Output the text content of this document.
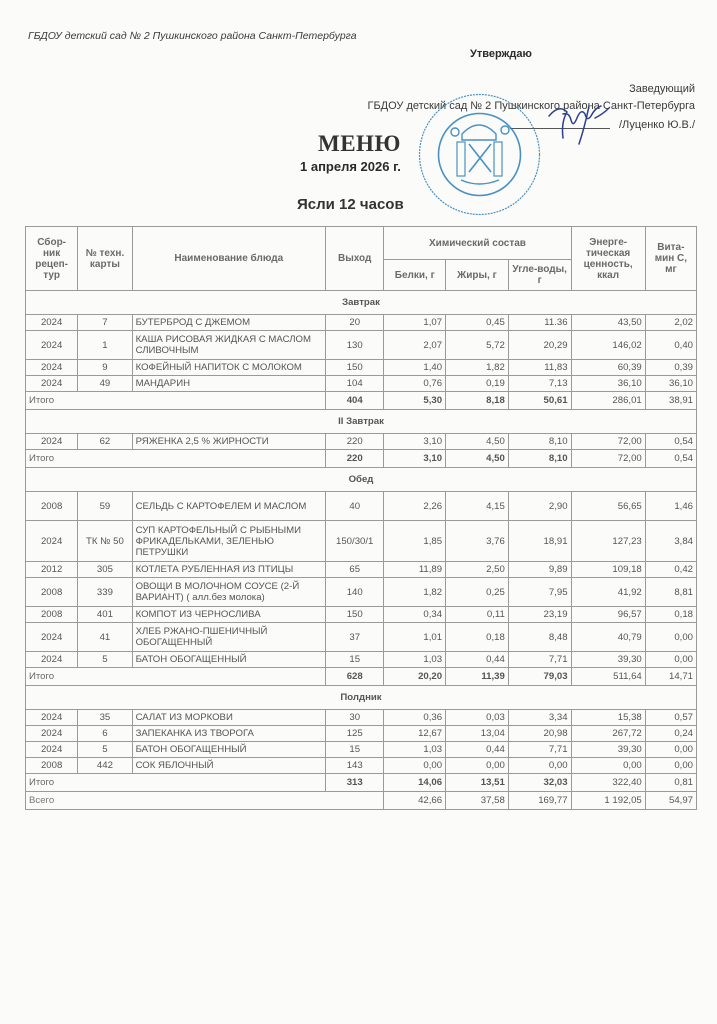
ГБДОУ детский сад № 2 Пушкинского района Санкт-Петербурга
Утверждаю
Заведующий
ГБДОУ детский сад № 2 Пушкинского района Санкт-Петербурга
/Луценко Ю.В./
МЕНЮ
1 апреля 2026 г.
Ясли 12 часов
Сбор-ник рецеп-тур	№ техн. карты	Наименование блюда	Выход	Химический состав			Энерге-тическая ценность, ккал	Вита-мин С, мг
				Белки, г	Жиры, г	Угле-воды, г		
Завтрак								
2024	7	БУТЕРБРОД С ДЖЕМОМ	20	1,07	0,45	11.36	43,50	2,02
2024	1	КАША РИСОВАЯ ЖИДКАЯ С МАСЛОМ СЛИВОЧНЫМ	130	2,07	5,72	20,29	146,02	0,40
2024	9	КОФЕЙНЫЙ НАПИТОК С МОЛОКОМ	150	1,40	1,82	11,83	60,39	0,39
2024	49	МАНДАРИН	104	0,76	0,19	7,13	36,10	36,10
Итого			404	5,30	8,18	50,61	286,01	38,91
II Завтрак								
2024	62	РЯЖЕНКА 2,5 % ЖИРНОСТИ	220	3,10	4,50	8,10	72,00	0,54
Итого			220	3,10	4,50	8,10	72,00	0,54
Обед								
2008	59	СЕЛЬДЬ С КАРТОФЕЛЕМ И МАСЛОМ	40	2,26	4,15	2,90	56,65	1,46
2024	ТК № 50	СУП КАРТОФЕЛЬНЫЙ С РЫБНЫМИ ФРИКАДЕЛЬКАМИ, ЗЕЛЕНЬЮ ПЕТРУШКИ	150/30/1	1,85	3,76	18,91	127,23	3,84
2012	305	КОТЛЕТА РУБЛЕННАЯ ИЗ ПТИЦЫ	65	11,89	2,50	9,89	109,18	0,42
2008	339	ОВОЩИ В МОЛОЧНОМ СОУСЕ (2-Й ВАРИАНТ) ( алл.без молока)	140	1,82	0,25	7,95	41,92	8,81
2008	401	КОМПОТ ИЗ ЧЕРНОСЛИВА	150	0,34	0,11	23,19	96,57	0,18
2024	41	ХЛЕБ РЖАНО-ПШЕНИЧНЫЙ ОБОГАЩЕННЫЙ	37	1,01	0,18	8,48	40,79	0,00
2024	5	БАТОН ОБОГАЩЕННЫЙ	15	1,03	0,44	7,71	39,30	0,00
Итого			628	20,20	11,39	79,03	511,64	14,71
Полдник								
2024	35	САЛАТ ИЗ МОРКОВИ	30	0,36	0,03	3,34	15,38	0,57
2024	6	ЗАПЕКАНКА ИЗ ТВОРОГА	125	12,67	13,04	20,98	267,72	0,24
2024	5	БАТОН ОБОГАЩЕННЫЙ	15	1,03	0,44	7,71	39,30	0,00
2008	442	СОК ЯБЛОЧНЫЙ	143	0,00	0,00	0,00	0,00	0,00
Итого			313	14,06	13,51	32,03	322,40	0,81
Всего				42,66	37,58	169,77	1 192,05	54,97
